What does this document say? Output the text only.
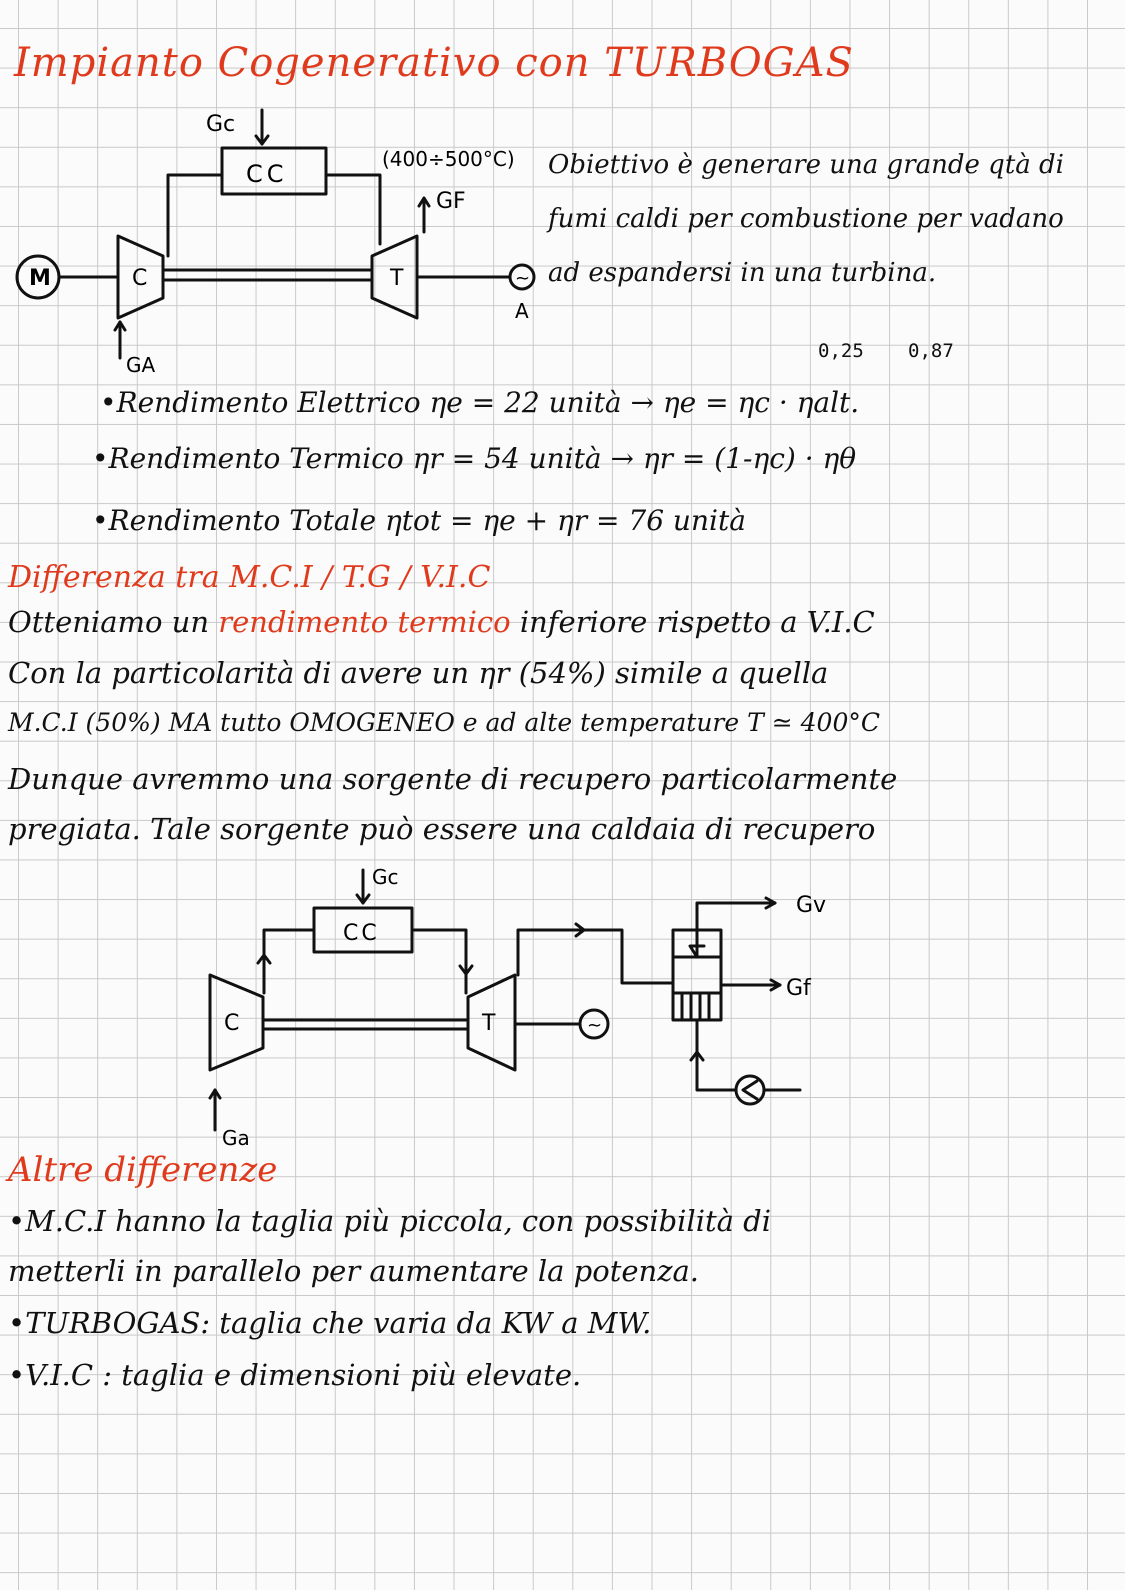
Impianto Cogenerativo con TURBOGAS
Gc
CC
(400÷500°C)
GF
M	C	T	~
A
GA
Gc
CC
C	T	~
Gv
Gf
Ga
Obiettivo è generare una grande qtà di
fumi caldi per combustione per vadano
ad espandersi in una turbina.
0,25 0,87
•Rendimento Elettrico ηe = 22 unità → ηe = ηc · ηalt.
•Rendimento Termico ηr = 54 unità → ηr = (1-ηc) · ηθ
•Rendimento Totale ηtot = ηe + ηr = 76 unità
Differenza tra M.C.I / T.G / V.I.C
Otteniamo un rendimento termico inferiore rispetto a V.I.C
Con la particolarità di avere un ηr (54%) simile a quella
M.C.I (50%) MA tutto OMOGENEO e ad alte temperature T ≃ 400°C
Dunque avremmo una sorgente di recupero particolarmente
pregiata. Tale sorgente può essere una caldaia di recupero
Altre differenze
•M.C.I hanno la taglia più piccola, con possibilità di
metterli in parallelo per aumentare la potenza.
•TURBOGAS: taglia che varia da KW a MW.
•V.I.C : taglia e dimensioni più elevate.
